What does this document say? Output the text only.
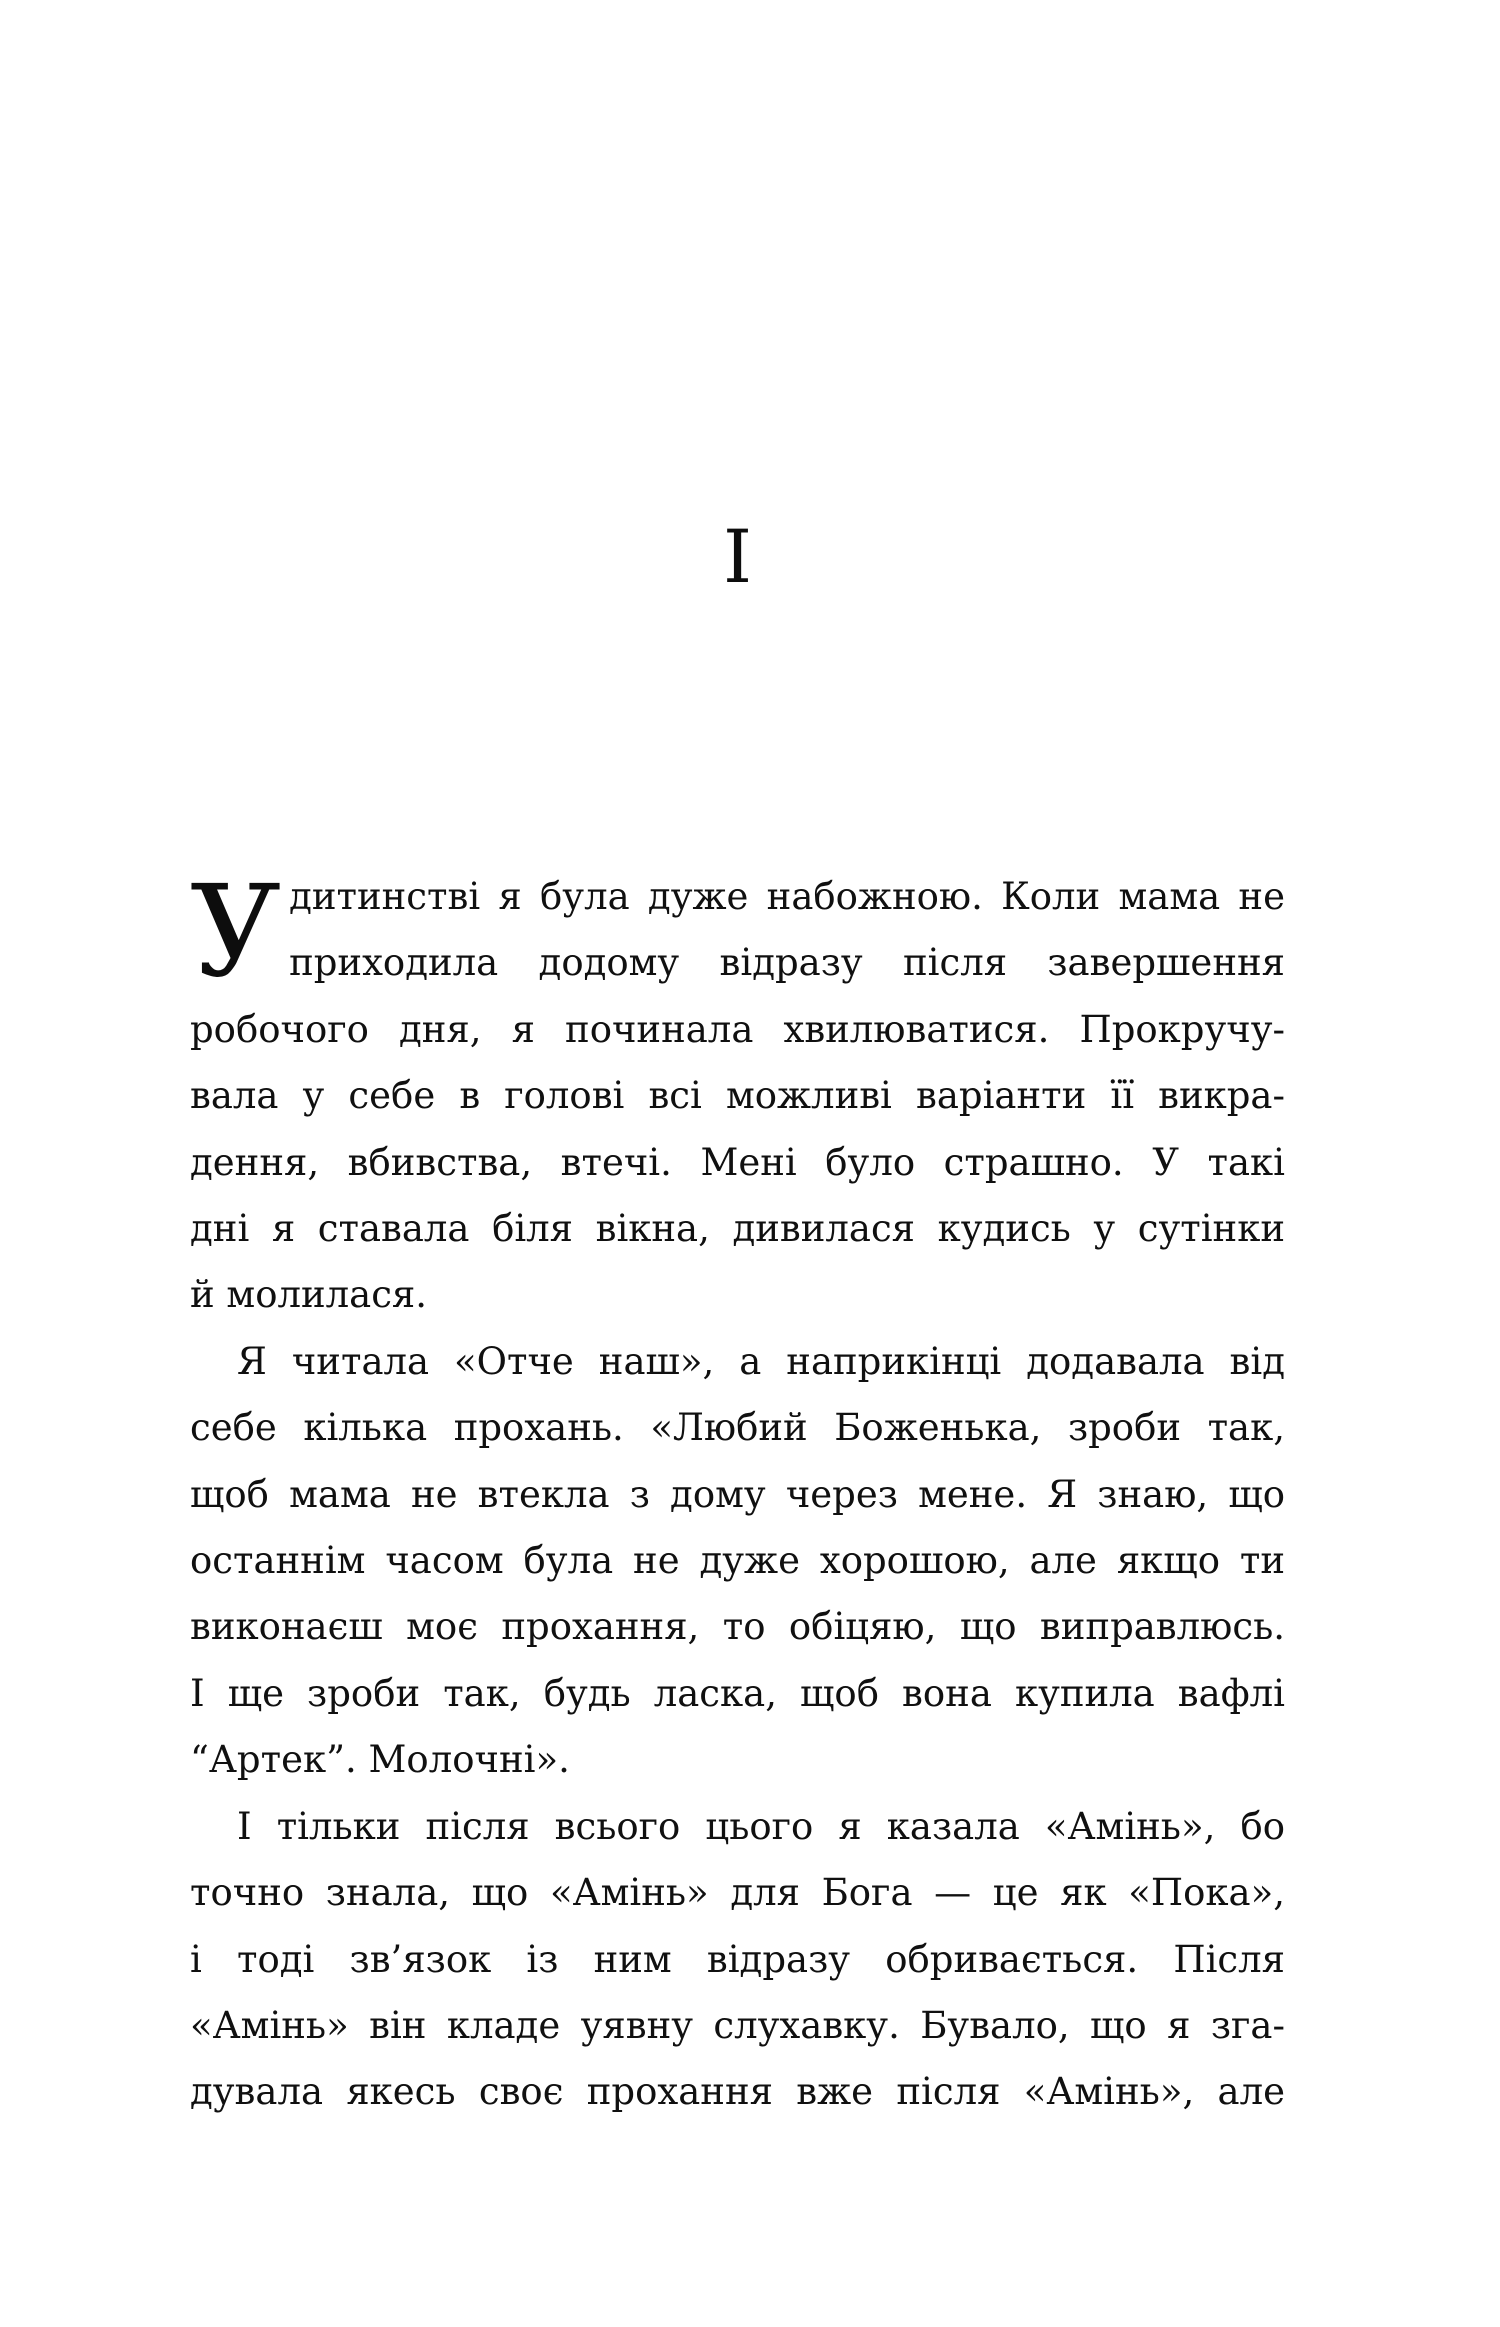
І
У дитинстві я була дуже набожною. Коли мама не
приходила додому відразу після завершення
робочого дня, я починала хвилюватися. Прокручу-
вала у себе в голові всі можливі варіанти її викра-
дення, вбивства, втечі. Мені було страшно. У такі
дні я ставала біля вікна, дивилася кудись у сутінки
й молилася.
Я читала «Отче наш», а наприкінці додавала від
себе кілька прохань. «Любий Боженька, зроби так,
щоб мама не втекла з дому через мене. Я знаю, що
останнім часом була не дуже хорошою, але якщо ти
виконаєш моє прохання, то обіцяю, що виправлюсь.
І ще зроби так, будь ласка, щоб вона купила вафлі
“Артек”. Молочні».
І тільки після всього цього я казала «Амінь», бо
точно знала, що «Амінь» для Бога — це як «Пока»,
і тоді зв’язок із ним відразу обривається. Після
«Амінь» він кладе уявну слухавку. Бувало, що я зга-
дувала якесь своє прохання вже після «Амінь», але
